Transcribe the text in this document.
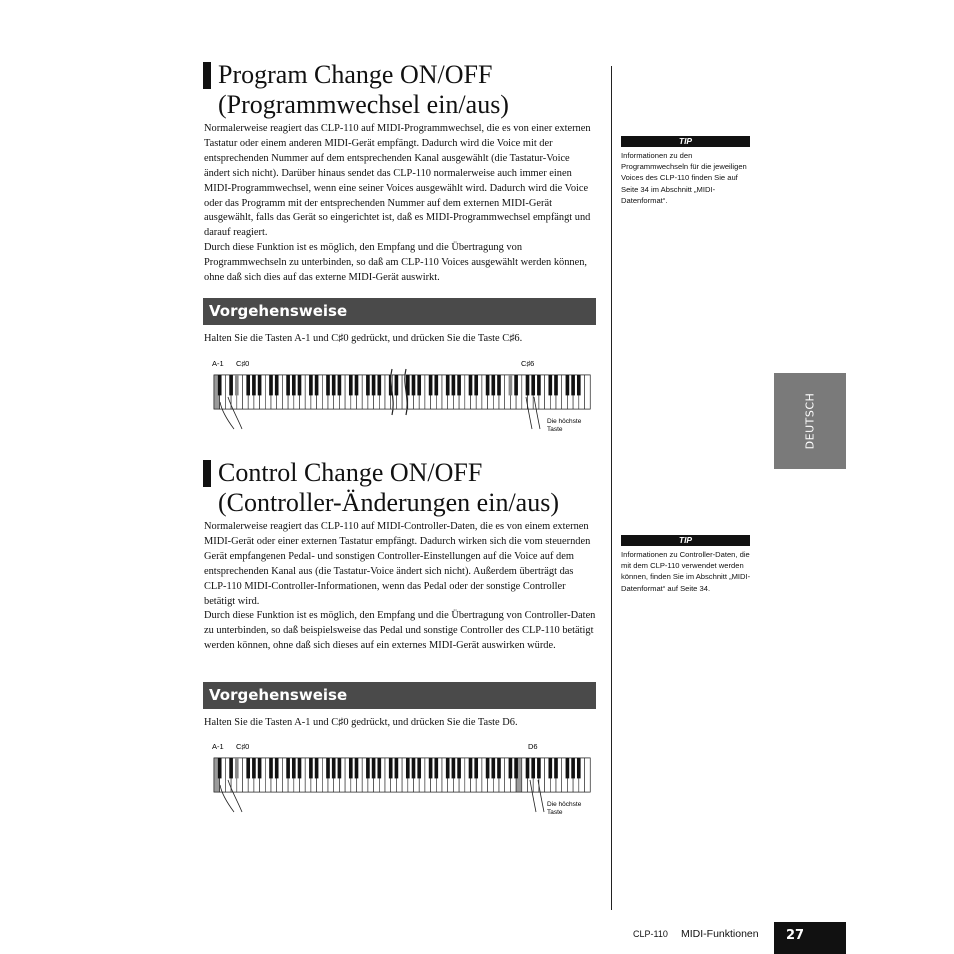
Program Change ON/OFF
(Programmwechsel ein/aus)

Normalerweise reagiert das CLP-110 auf MIDI-Programmwechsel, die es von einer externen Tastatur oder einem anderen MIDI-Gerät empfängt. Dadurch wird die Voice mit der entsprechenden Nummer auf dem entsprechenden Kanal ausgewählt (die Tastatur-Voice ändert sich nicht). Darüber hinaus sendet das CLP-110 normalerweise auch immer einen MIDI-Programmwechsel, wenn eine seiner Voices ausgewählt wird. Dadurch wird die Voice oder das Programm mit der entsprechenden Nummer auf dem externen MIDI-Gerät ausgewählt, falls das Gerät so eingerichtet ist, daß es MIDI-Programmwechsel empfängt und darauf reagiert.

Durch diese Funktion ist es möglich, den Empfang und die Übertragung von Programmwechseln zu unterbinden, so daß am CLP-110 Voices ausgewählt werden können, ohne daß sich dies auf das externe MIDI-Gerät auswirkt.

Vorgehensweise
Halten Sie die Tasten A-1 und C♯0 gedrückt, und drücken Sie die Taste C♯6.
A-1 C♯0	C♯6
Die höchste
Taste
Control Change ON/OFF
(Controller-Änderungen ein/aus)

Normalerweise reagiert das CLP-110 auf MIDI-Controller-Daten, die es von einem externen MIDI-Gerät oder einer externen Tastatur empfängt. Dadurch wirken sich die vom steuernden Gerät empfangenen Pedal- und sonstigen Controller-Einstellungen auf die Voice auf dem entsprechenden Kanal aus (die Tastatur-Voice ändert sich nicht). Außerdem überträgt das CLP-110 MIDI-Controller-Informationen, wenn das Pedal oder der sonstige Controller betätigt wird.

Durch diese Funktion ist es möglich, den Empfang und die Übertragung von Controller-Daten zu unterbinden, so daß beispielsweise das Pedal und sonstige Controller des CLP-110 betätigt werden können, ohne daß sich dieses auf ein externes MIDI-Gerät auswirken würde.

Vorgehensweise
Halten Sie die Tasten A-1 und C♯0 gedrückt, und drücken Sie die Taste D6.
A-1 C♯0	D6
Die höchste
Taste
TIP
Informationen zu den Programmwechseln für die jeweiligen Voices des CLP-110 finden Sie auf Seite 34 im Abschnitt „MIDI-Datenformat“.
TIP
Informationen zu Controller-Daten, die mit dem CLP-110 verwendet werden können, finden Sie im Abschnitt „MIDI-Datenformat“ auf Seite 34.
DEUTSCH
CLP-110 MIDI-Funktionen 27
